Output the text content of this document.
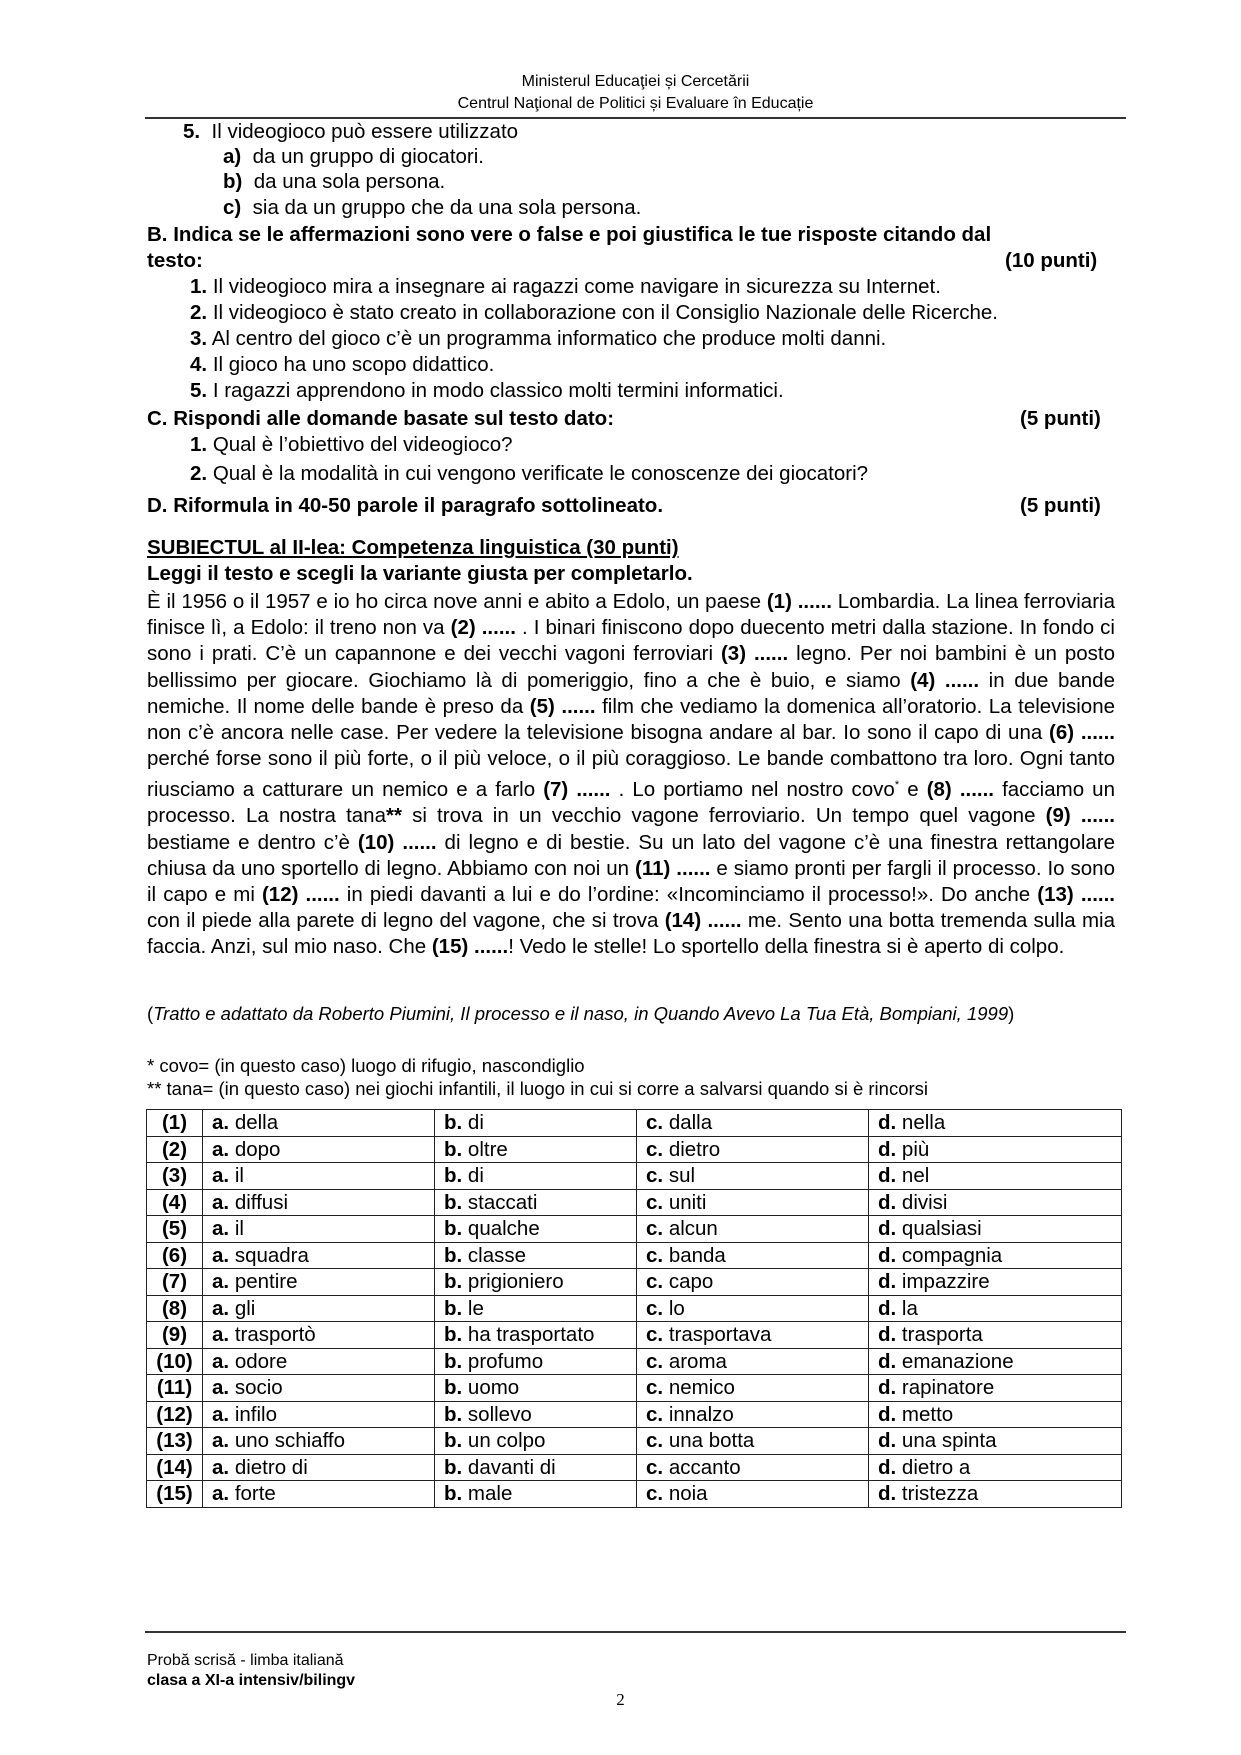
Ministerul Educaţiei și Cercetării
Centrul Naţional de Politici și Evaluare în Educație
5. Il videogioco può essere utilizzato
a) da un gruppo di giocatori.
b) da una sola persona.
c) sia da un gruppo che da una sola persona.
B. Indica se le affermazioni sono vere o false e poi giustifica le tue risposte citando dal
testo:	(10 punti)
1. Il videogioco mira a insegnare ai ragazzi come navigare in sicurezza su Internet.
2. Il videogioco è stato creato in collaborazione con il Consiglio Nazionale delle Ricerche.
3. Al centro del gioco c’è un programma informatico che produce molti danni.
4. Il gioco ha uno scopo didattico.
5. I ragazzi apprendono in modo classico molti termini informatici.
C. Rispondi alle domande basate sul testo dato:	(5 punti)
1. Qual è l’obiettivo del videogioco?
2. Qual è la modalità in cui vengono verificate le conoscenze dei giocatori?
D. Riformula in 40-50 parole il paragrafo sottolineato.	(5 punti)
SUBIECTUL al II-lea: Competenza linguistica (30 punti)
Leggi il testo e scegli la variante giusta per completarlo.
È il 1956 o il 1957 e io ho circa nove anni e abito a Edolo, un paese (1) ...... Lombardia. La linea ferroviaria finisce lì, a Edolo: il treno non va (2) ...... . I binari finiscono dopo duecento metri dalla stazione. In fondo ci sono i prati. C’è un capannone e dei vecchi vagoni ferroviari (3) ...... legno. Per noi bambini è un posto bellissimo per giocare. Giochiamo là di pomeriggio, fino a che è buio, e siamo (4) ...... in due bande nemiche. Il nome delle bande è preso da (5) ...... film che vediamo la domenica all’oratorio. La televisione non c’è ancora nelle case. Per vedere la televisione bisogna andare al bar. Io sono il capo di una (6) ...... perché forse sono il più forte, o il più veloce, o il più coraggioso. Le bande combattono tra loro. Ogni tanto riusciamo a catturare un nemico e a farlo (7) ...... . Lo portiamo nel nostro covo* e (8) ...... facciamo un processo. La nostra tana** si trova in un vecchio vagone ferroviario. Un tempo quel vagone (9) ...... bestiame e dentro c’è (10) ...... di legno e di bestie. Su un lato del vagone c’è una finestra rettangolare chiusa da uno sportello di legno. Abbiamo con noi un (11) ...... e siamo pronti per fargli il processo. Io sono il capo e mi (12) ...... in piedi davanti a lui e do l’ordine: «Incominciamo il processo!». Do anche (13) ...... con il piede alla parete di legno del vagone, che si trova (14) ...... me. Sento una botta tremenda sulla mia faccia. Anzi, sul mio naso. Che (15) ......! Vedo le stelle! Lo sportello della finestra si è aperto di colpo.
(Tratto e adattato da Roberto Piumini, Il processo e il naso, in Quando Avevo La Tua Età, Bompiani, 1999)
* covo= (in questo caso) luogo di rifugio, nascondiglio
** tana= (in questo caso) nei giochi infantili, il luogo in cui si corre a salvarsi quando si è rincorsi
(1)	a. della	b. di	c. dalla	d. nella
(2)	a. dopo	b. oltre	c. dietro	d. più
(3)	a. il	b. di	c. sul	d. nel
(4)	a. diffusi	b. staccati	c. uniti	d. divisi
(5)	a. il	b. qualche	c. alcun	d. qualsiasi
(6)	a. squadra	b. classe	c. banda	d. compagnia
(7)	a. pentire	b. prigioniero	c. capo	d. impazzire
(8)	a. gli	b. le	c. lo	d. la
(9)	a. trasportò	b. ha trasportato	c. trasportava	d. trasporta
(10)	a. odore	b. profumo	c. aroma	d. emanazione
(11)	a. socio	b. uomo	c. nemico	d. rapinatore
(12)	a. infilo	b. sollevo	c. innalzo	d. metto
(13)	a. uno schiaffo	b. un colpo	c. una botta	d. una spinta
(14)	a. dietro di	b. davanti di	c. accanto	d. dietro a
(15)	a. forte	b. male	c. noia	d. tristezza
Probă scrisă - limba italiană
clasa a XI-a intensiv/bilingv
2
